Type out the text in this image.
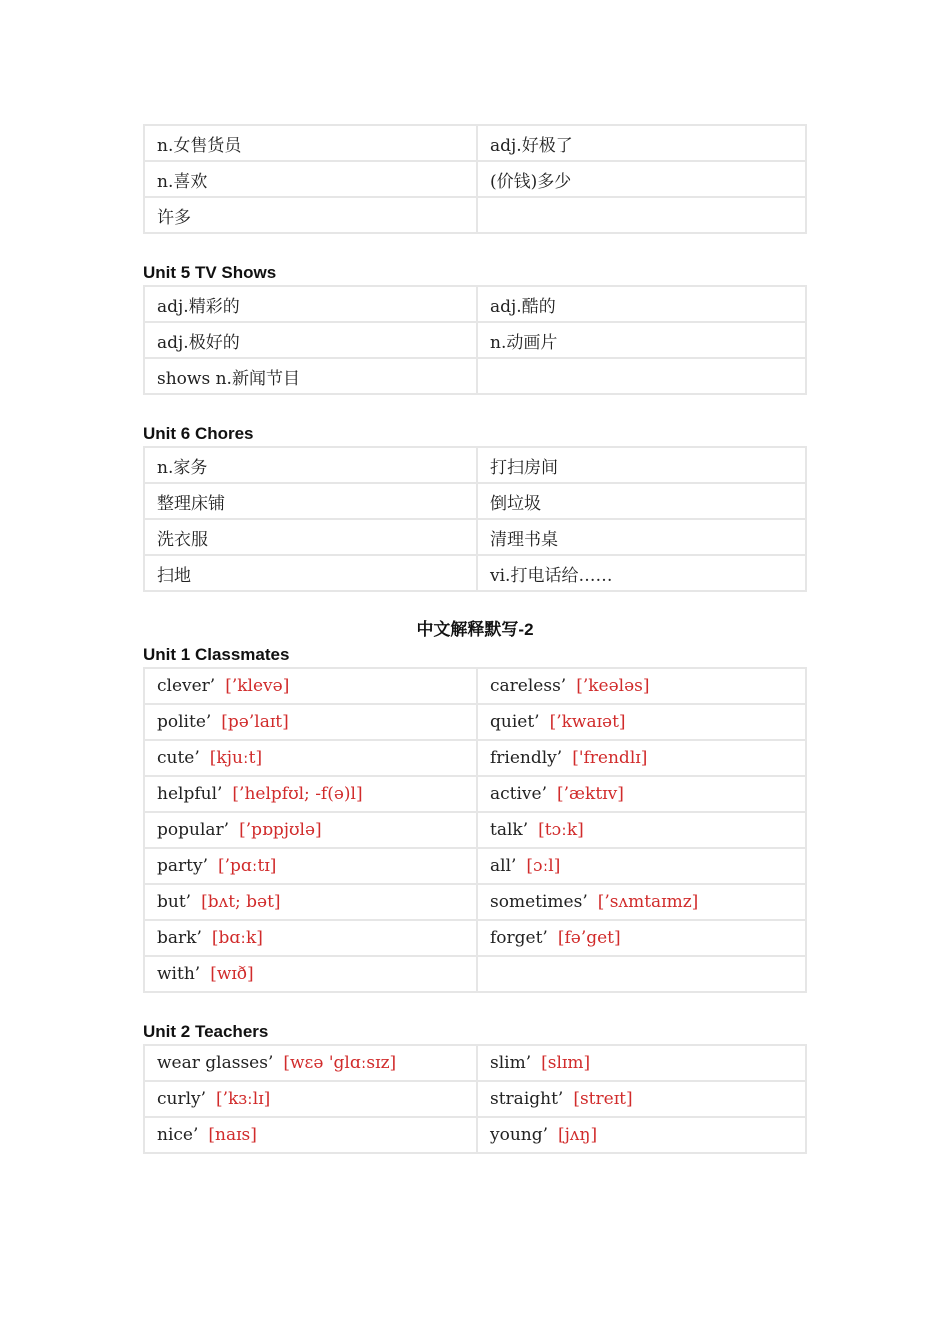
n.女售货员	adj.好极了
n.喜欢	(价钱)多少
许多	
Unit 5 TV Shows
adj.精彩的	adj.酷的
adj.极好的	n.动画片
shows n.新闻节目	
Unit 6 Chores
n.家务	打扫房间
整理床铺	倒垃圾
洗衣服	清理书桌
扫地	vi.打电话给……
中文解释默写-2
Unit 1 Classmates
clever’ [’klevə]	careless’ [’keələs]
polite’ [pə’laɪt]	quiet’ [’kwaɪət]
cute’ [kjuːt]	friendly’ ['frendlɪ]
helpful’ [’helpfʊl; -f(ə)l]	active’ [’æktɪv]
popular’ [’pɒpjʊlə]	talk’ [tɔːk]
party’ [’pɑːtɪ]	all’ [ɔːl]
but’ [bʌt; bət]	sometimes’ [’sʌmtaɪmz]
bark’ [bɑːk]	forget’ [fə’get]
with’ [wɪð]	
Unit 2 Teachers
wear glasses’ [wɛə 'glɑːsɪz]	slim’ [slɪm]
curly’ [’kɜːlɪ]	straight’ [streɪt]
nice’ [naɪs]	young’ [jʌŋ]
